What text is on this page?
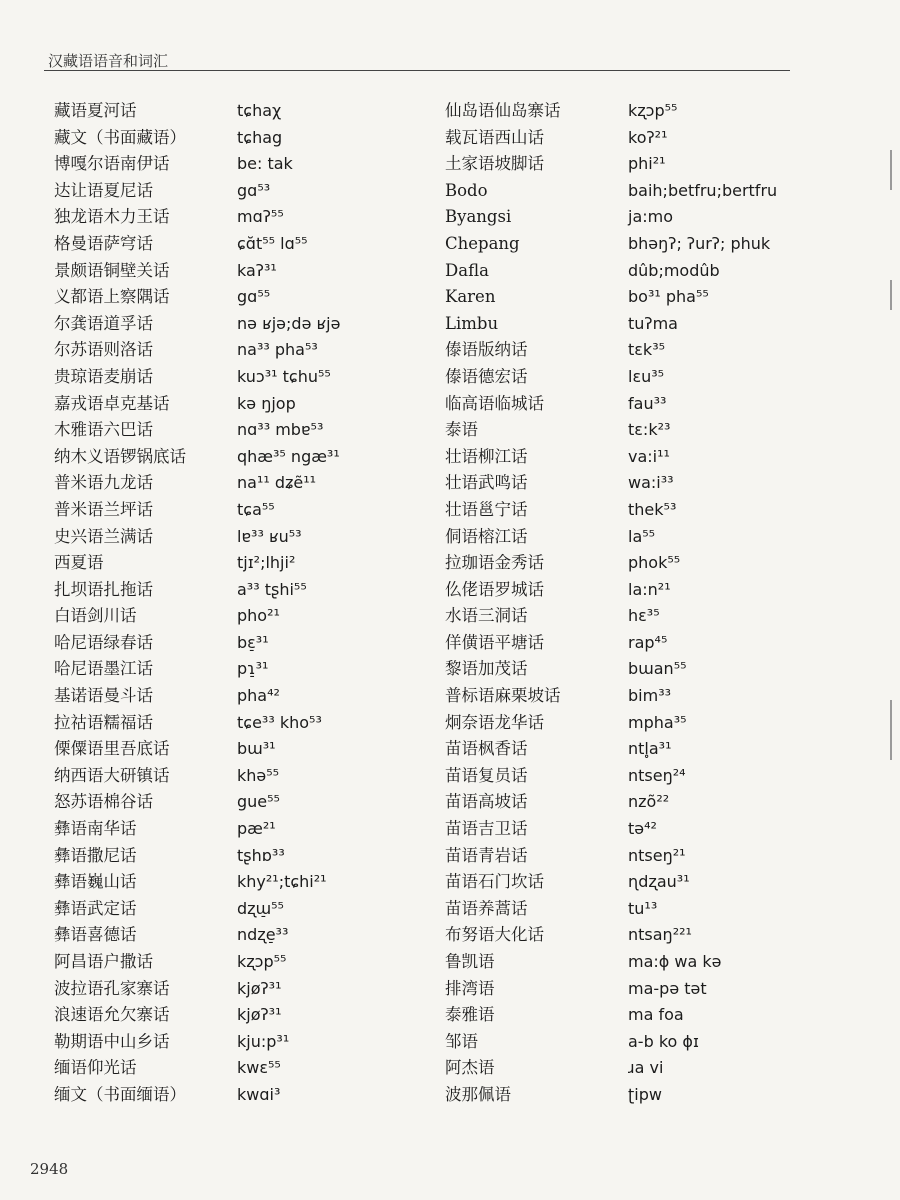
汉藏语语音和词汇
藏语夏河话	tɕhaχ
藏文（书面藏语）	tɕhag
博嘎尔语南伊话	be: tak
达让语夏尼话	gɑ⁵³
独龙语木力王话	mɑʔ⁵⁵
格曼语萨穹话	ɕɑ̆t⁵⁵ lɑ⁵⁵
景颇语铜壁关话	kaʔ³¹
义都语上察隅话	gɑ⁵⁵
尔龚语道孚话	nə ʁjə;də ʁjə
尔苏语则洛话	na³³ pha⁵³
贵琼语麦崩话	kuɔ³¹ tɕhu⁵⁵
嘉戎语卓克基话	kə ŋjop
木雅语六巴话	nɑ³³ mbɐ⁵³
纳木义语锣锅底话	qhæ³⁵ ngæ³¹
普米语九龙话	na¹¹ dʑẽ¹¹
普米语兰坪话	tɕa⁵⁵
史兴语兰满话	lɐ³³ ʁu⁵³
西夏语	tjɪ²;lhji²
扎坝语扎拖话	a³³ tʂhi⁵⁵
白语剑川话	pho²¹
哈尼语绿春话	bɛ̠³¹
哈尼语墨江话	pɿ̠³¹
基诺语曼斗话	pha⁴²
拉祜语糯福话	tɕe³³ kho⁵³
傈僳语里吾底话	bɯ³¹
纳西语大研镇话	khə⁵⁵
怒苏语棉谷话	gue⁵⁵
彝语南华话	pæ²¹
彝语撒尼话	tʂhɒ³³
彝语巍山话	khy²¹;tɕhi²¹
彝语武定话	dʐɯ̠⁵⁵
彝语喜德话	ndʐe̠³³
阿昌语户撒话	kʐɔp⁵⁵
波拉语孔家寨话	kjøʔ³¹
浪速语允欠寨话	kjøʔ³¹
勒期语中山乡话	kju:p³¹
缅语仰光话	kwɛ⁵⁵
缅文（书面缅语）	kwɑi³
仙岛语仙岛寨话	kʐɔp⁵⁵
载瓦语西山话	koʔ²¹
土家语坡脚话	phi²¹
Bodo	baih;betfru;bertfru
Byangsi	ja:mo
Chepang	bhəŋʔ; ʔurʔ; phuk
Dafla	dûb;modûb
Karen	bo³¹ pha⁵⁵
Limbu	tuʔma
傣语版纳话	tɛk³⁵
傣语德宏话	lɛu³⁵
临高语临城话	fau³³
泰语	tɛ:k²³
壮语柳江话	va:i¹¹
壮语武鸣话	wa:i³³
壮语邕宁话	thek⁵³
侗语榕江话	la⁵⁵
拉珈语金秀话	phok⁵⁵
仫佬语罗城话	la:n²¹
水语三洞话	hɛ³⁵
佯僙语平塘话	rap⁴⁵
黎语加茂话	bɯan⁵⁵
普标语麻栗坡话	bim³³
炯奈语龙华话	mpha³⁵
苗语枫香话	ntl̥a³¹
苗语复员话	ntseŋ²⁴
苗语高坡话	nzõ²²
苗语吉卫话	tə⁴²
苗语青岩话	ntseŋ²¹
苗语石门坎话	ɳdʐau³¹
苗语养蒿话	tu¹³
布努语大化话	ntsaŋ²²¹
鲁凯语	ma:ɸ wa kə
排湾语	ma-pə tət
泰雅语	ma foa
邹语	a-b ko ɸɪ
阿杰语	ɹa vi
波那佩语	ʈipw
2948
